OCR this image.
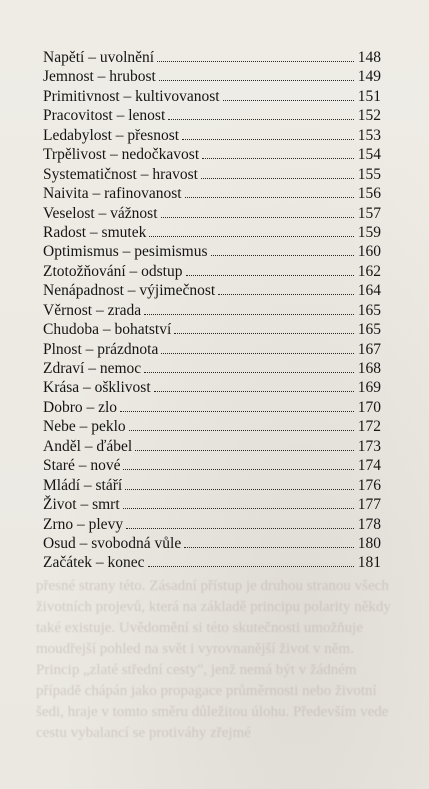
přesné strany této. Zásadní přístup je druhou stranou všech životních projevů, která na základě principu polarity někdy také existuje. Uvědomění si této skutečnosti umožňuje moudřejší pohled na svět i vyrovnanější život v něm. Princip „zlaté střední cesty", jenž nemá být v žádném případě chápán jako propagace průměrnosti nebo životní šedi, hraje v tomto směru důležitou úlohu. Především vede cestu vybalancí se protiváhy zřejmé
Napětí – uvolnění	148
Jemnost – hrubost	149
Primitivnost – kultivovanost	151
Pracovitost – lenost	152
Ledabylost – přesnost	153
Trpělivost – nedočkavost	154
Systematičnost – hravost	155
Naivita – rafinovanost	156
Veselost – vážnost	157
Radost – smutek	159
Optimismus – pesimismus	160
Ztotožňování – odstup	162
Nenápadnost – výjimečnost	164
Věrnost – zrada	165
Chudoba – bohatství	165
Plnost – prázdnota	167
Zdraví – nemoc	168
Krása – ošklivost	169
Dobro – zlo	170
Nebe – peklo	172
Anděl – ďábel	173
Staré – nové	174
Mládí – stáří	176
Život – smrt	177
Zrno – plevy	178
Osud – svobodná vůle	180
Začátek – konec	181
